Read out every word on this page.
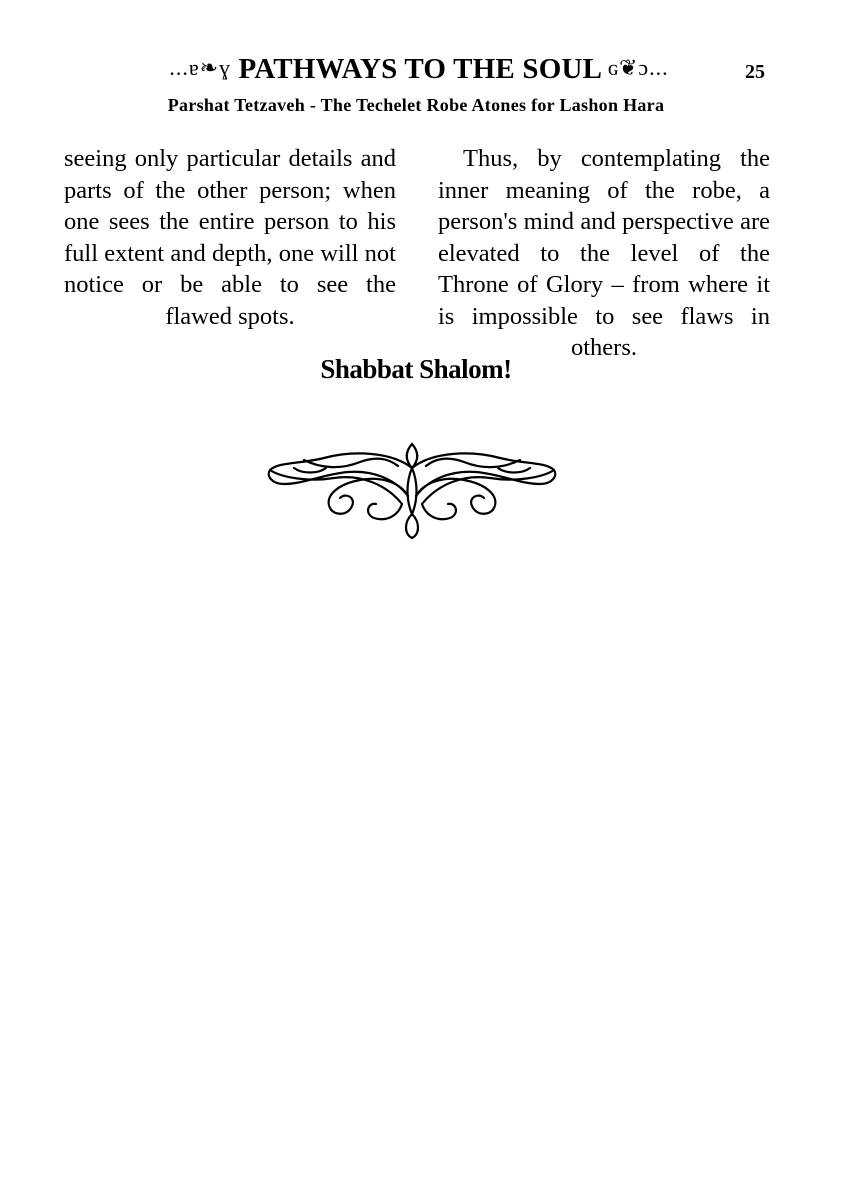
...ɐ❧ɣ PATHWAYS TO THE SOUL ɢ❦ɔ...	25
Parshat Tetzaveh - The Techelet Robe Atones for Lashon Hara

seeing only particular details and parts of the other person; when one sees the entire person to his full extent and depth, one will not notice or be able to see the flawed spots.

Thus, by contemplating the inner meaning of the robe, a person's mind and perspective are elevated to the level of the Throne of Glory – from where it is impossible to see flaws in others.

Shabbat Shalom!
